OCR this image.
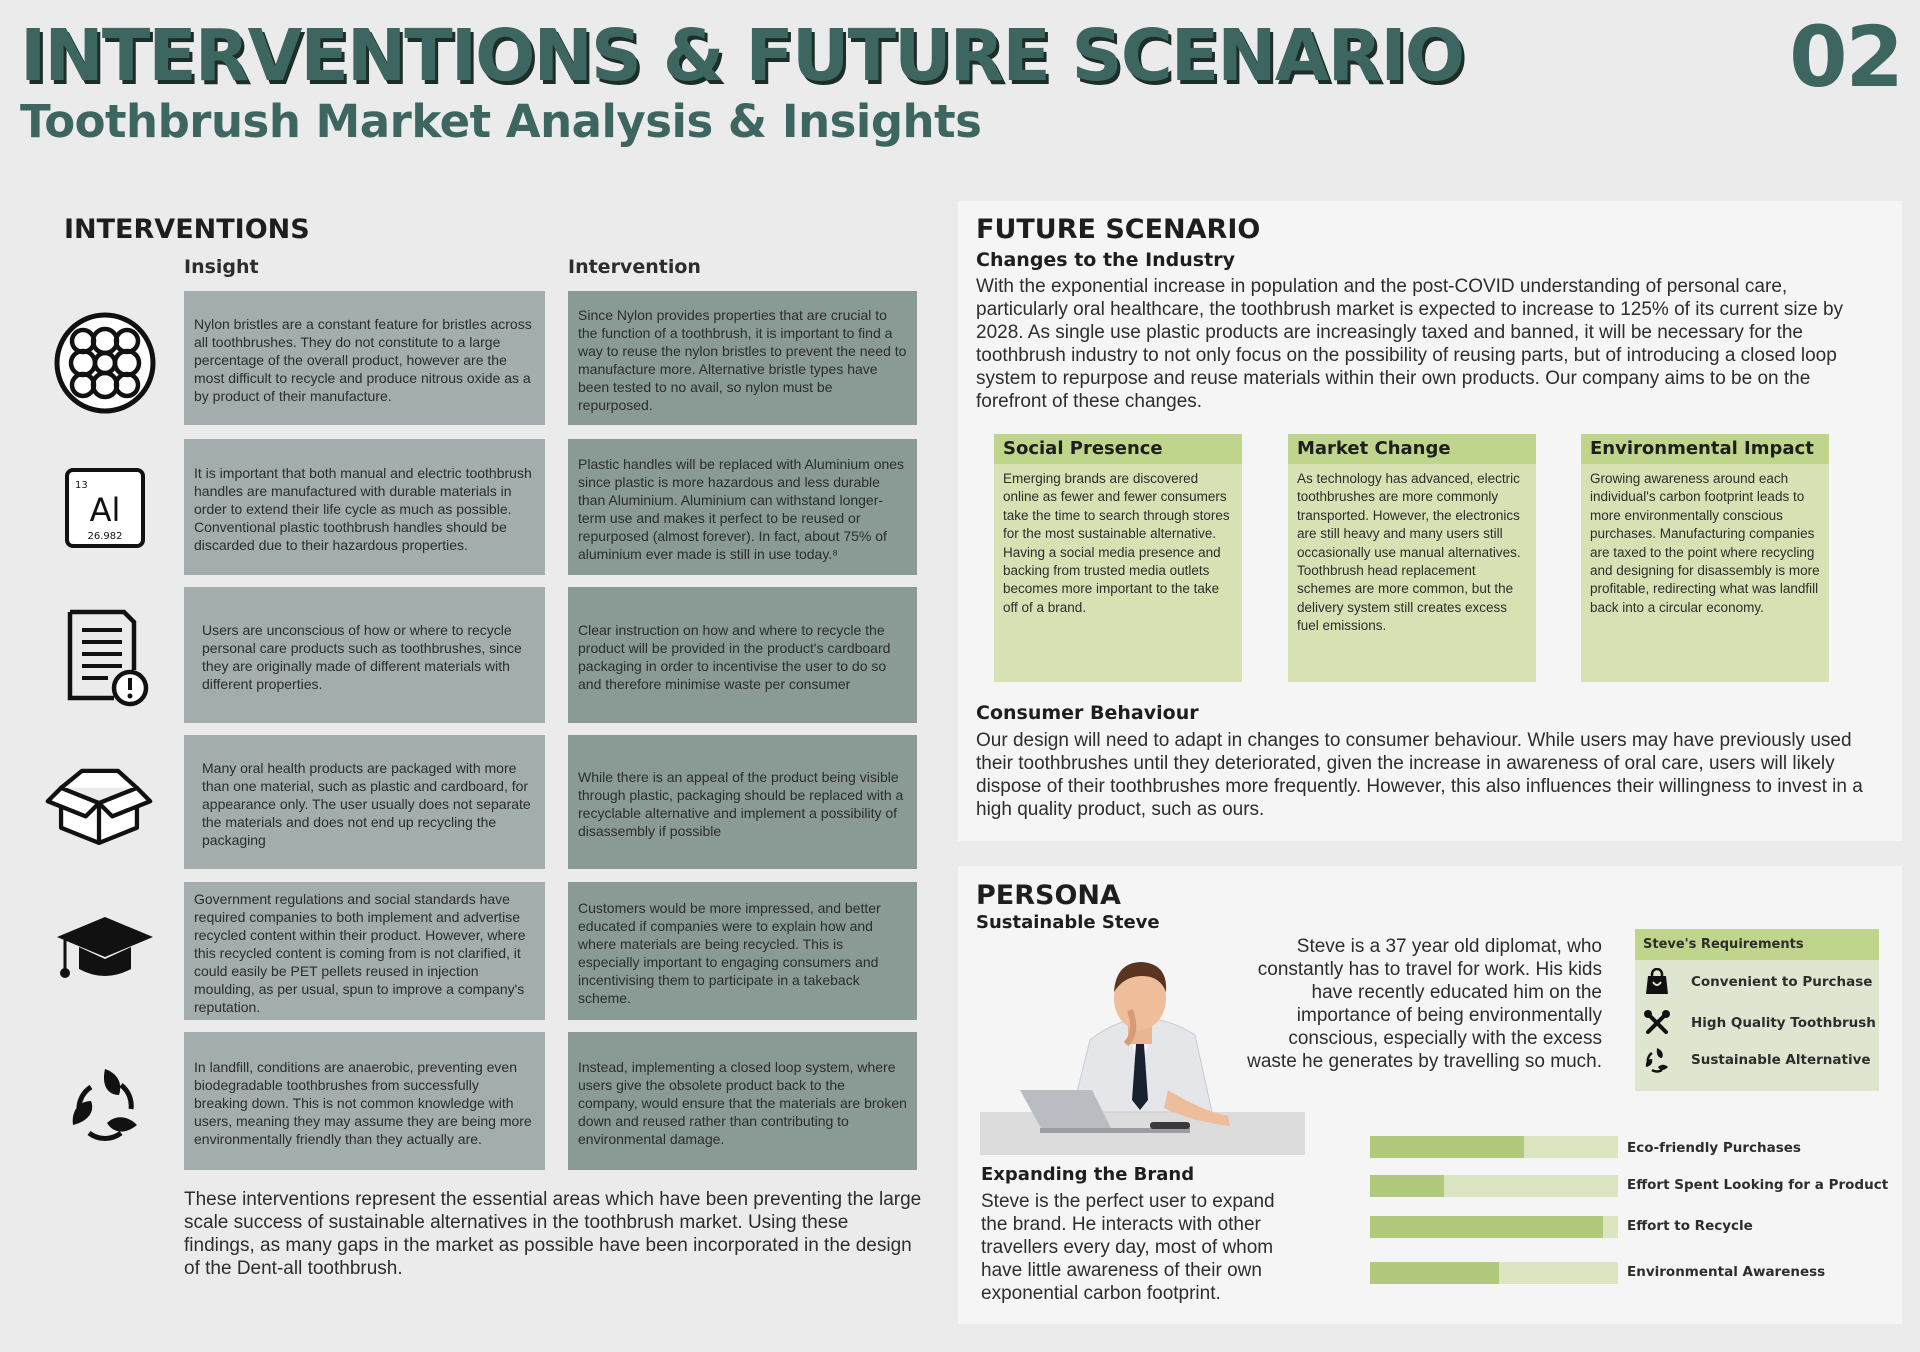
INTERVENTIONS & FUTURE SCENARIO
Toothbrush Market Analysis & Insights
02
INTERVENTIONS
Insight	Intervention
Nylon bristles are a constant feature for bristles across all toothbrushes. They do not constitute to a large percentage of the overall product, however are the most difficult to recycle and produce nitrous oxide as a by product of their manufacture.
Since Nylon provides properties that are crucial to the function of a toothbrush, it is important to find a way to reuse the nylon bristles to prevent the need to manufacture more. Alternative bristle types have been tested to no avail, so nylon must be repurposed.
13
Al
26.982
It is important that both manual and electric toothbrush handles are manufactured with durable materials in order to extend their life cycle as much as possible. Conventional plastic toothbrush handles should be discarded due to their hazardous properties.
Plastic handles will be replaced with Aluminium ones since plastic is more hazardous and less durable than Aluminium. Aluminium can withstand longer-term use and makes it perfect to be reused or repurposed (almost forever). In fact, about 75% of aluminium ever made is still in use today.⁸
Users are unconscious of how or where to recycle personal care products such as toothbrushes, since they are originally made of different materials with different properties.
Clear instruction on how and where to recycle the product will be provided in the product's cardboard packaging in order to incentivise the user to do so and therefore minimise waste per consumer
Many oral health products are packaged with more than one material, such as plastic and cardboard, for appearance only. The user usually does not separate the materials and does not end up recycling the packaging
While there is an appeal of the product being visible through plastic, packaging should be replaced with a recyclable alternative and implement a possibility of disassembly if possible
Government regulations and social standards have required companies to both implement and advertise recycled content within their product. However, where this recycled content is coming from is not clarified, it could easily be PET pellets reused in injection moulding, as per usual, spun to improve a company's reputation.
Customers would be more impressed, and better educated if companies were to explain how and where materials are being recycled. This is especially important to engaging consumers and incentivising them to participate in a takeback scheme.
In landfill, conditions are anaerobic, preventing even biodegradable toothbrushes from successfully breaking down. This is not common knowledge with users, meaning they may assume they are being more environmentally friendly than they actually are.
Instead, implementing a closed loop system, where users give the obsolete product back to the company, would ensure that the materials are broken down and reused rather than contributing to environmental damage.
These interventions represent the essential areas which have been preventing the large scale success of sustainable alternatives in the toothbrush market. Using these findings, as many gaps in the market as possible have been incorporated in the design of the Dent-all toothbrush.
FUTURE SCENARIO
Changes to the Industry
With the exponential increase in population and the post-COVID understanding of personal care, particularly oral healthcare, the toothbrush market is expected to increase to 125% of its current size by 2028. As single use plastic products are increasingly taxed and banned, it will be necessary for the toothbrush industry to not only focus on the possibility of reusing parts, but of introducing a closed loop system to repurpose and reuse materials within their own products. Our company aims to be on the forefront of these changes.
Social Presence
Emerging brands are discovered online as fewer and fewer consumers take the time to search through stores for the most sustainable alternative. Having a social media presence and backing from trusted media outlets becomes more important to the take off of a brand.
Market Change
As technology has advanced, electric toothbrushes are more commonly transported. However, the electronics are still heavy and many users still occasionally use manual alternatives. Toothbrush head replacement schemes are more common, but the delivery system still creates excess fuel emissions.
Environmental Impact
Growing awareness around each individual's carbon footprint leads to more environmentally conscious purchases. Manufacturing companies are taxed to the point where recycling and designing for disassembly is more profitable, redirecting what was landfill back into a circular economy.
Consumer Behaviour
Our design will need to adapt in changes to consumer behaviour. While users may have previously used their toothbrushes until they deteriorated, given the increase in awareness of oral care, users will likely dispose of their toothbrushes more frequently. However, this also influences their willingness to invest in a high quality product, such as ours.
PERSONA
Sustainable Steve
Steve is a 37 year old diplomat, who constantly has to travel for work. His kids have recently educated him on the importance of being environmentally conscious, especially with the excess waste he generates by travelling so much.
Steve's Requirements
Convenient to Purchase
High Quality Toothbrush
Sustainable Alternative
Expanding the Brand
Steve is the perfect user to expand the brand. He interacts with other travellers every day, most of whom have little awareness of their own exponential carbon footprint.
Eco-friendly Purchases
Effort Spent Looking for a Product
Effort to Recycle
Environmental Awareness
